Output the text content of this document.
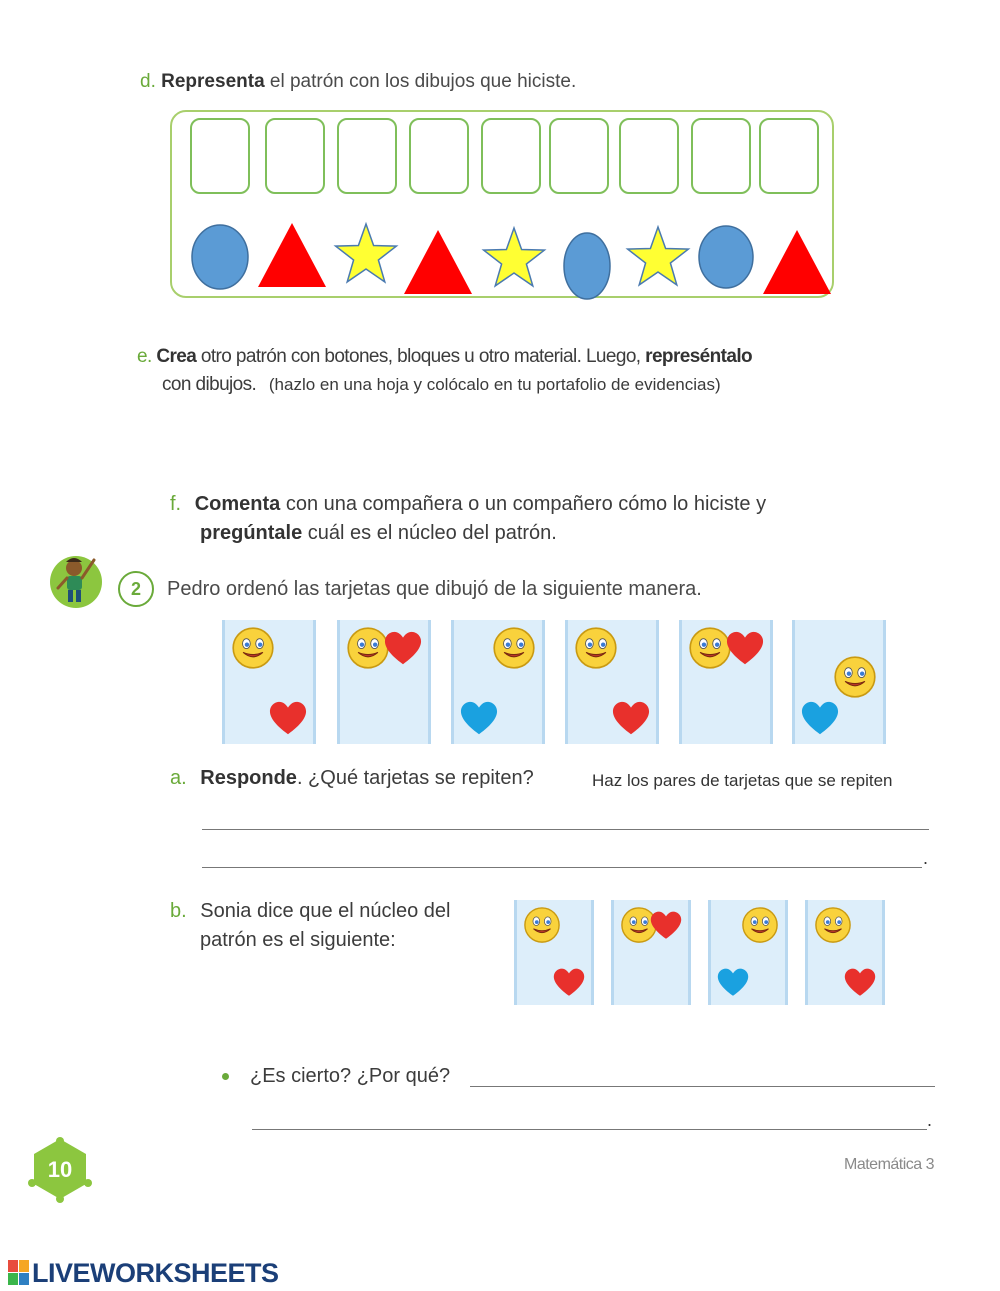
d. Representa el patrón con los dibujos que hiciste.
e. Crea otro patrón con botones, bloques u otro material. Luego, represéntalo
con dibujos. (hazlo en una hoja y colócalo en tu portafolio de evidencias)
f. Comenta con una compañera o un compañero cómo lo hiciste y
pregúntale cuál es el núcleo del patrón.
2	Pedro ordenó las tarjetas que dibujó de la siguiente manera.
a. Responde. ¿Qué tarjetas se repiten?	Haz los pares de tarjetas que se repiten
.
b. Sonia dice que el núcleo del
patrón es el siguiente:
¿Es cierto? ¿Por qué?
.
10	Matemática 3
LIVEWORKSHEETS
